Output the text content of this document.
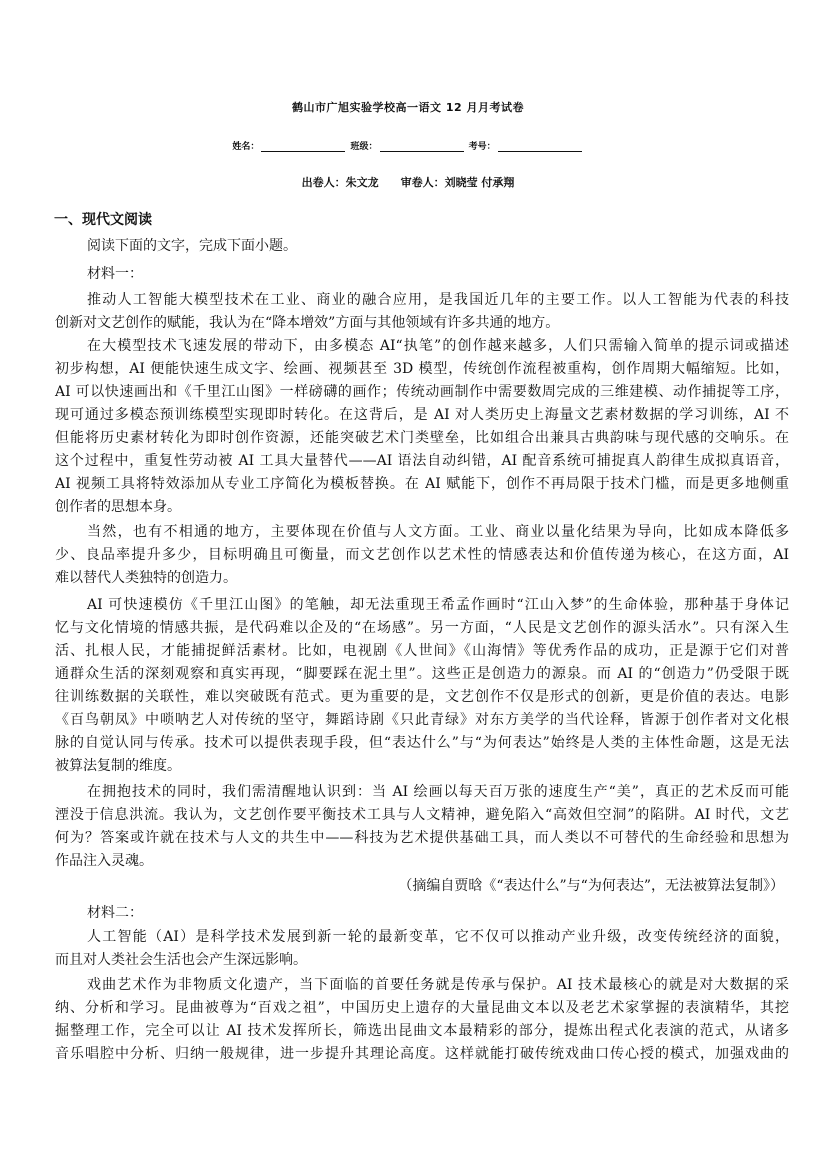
鹤山市广旭实验学校高一语文 12 月月考试卷
姓名：	班级：	考号：
出卷人：朱文龙 审卷人：刘晓莹 付承翔
一、现代文阅读
阅读下面的文字，完成下面小题。
材料一：
推动人工智能大模型技术在工业、商业的融合应用，是我国近几年的主要工作。以人工智能为代表的科技
创新对文艺创作的赋能，我认为在“降本增效”方面与其他领域有许多共通的地方。
在大模型技术飞速发展的带动下，由多模态 AI“执笔”的创作越来越多，人们只需输入简单的提示词或描述
初步构想，AI 便能快速生成文字、绘画、视频甚至 3D 模型，传统创作流程被重构，创作周期大幅缩短。比如，
AI 可以快速画出和《千里江山图》一样磅礴的画作；传统动画制作中需要数周完成的三维建模、动作捕捉等工序，
现可通过多模态预训练模型实现即时转化。在这背后，是 AI 对人类历史上海量文艺素材数据的学习训练，AI 不
但能将历史素材转化为即时创作资源，还能突破艺术门类壁垒，比如组合出兼具古典韵味与现代感的交响乐。在
这个过程中，重复性劳动被 AI 工具大量替代——AI 语法自动纠错，AI 配音系统可捕捉真人韵律生成拟真语音，
AI 视频工具将特效添加从专业工序简化为模板替换。在 AI 赋能下，创作不再局限于技术门槛，而是更多地侧重
创作者的思想本身。
当然，也有不相通的地方，主要体现在价值与人文方面。工业、商业以量化结果为导向，比如成本降低多
少、良品率提升多少，目标明确且可衡量，而文艺创作以艺术性的情感表达和价值传递为核心，在这方面，AI
难以替代人类独特的创造力。
AI 可快速模仿《千里江山图》的笔触，却无法重现王希孟作画时“江山入梦”的生命体验，那种基于身体记
忆与文化情境的情感共振，是代码难以企及的“在场感”。另一方面，“人民是文艺创作的源头活水”。只有深入生
活、扎根人民，才能捕捉鲜活素材。比如，电视剧《人世间》《山海情》等优秀作品的成功，正是源于它们对普
通群众生活的深刻观察和真实再现，“脚要踩在泥土里”。这些正是创造力的源泉。而 AI 的“创造力”仍受限于既
往训练数据的关联性，难以突破既有范式。更为重要的是，文艺创作不仅是形式的创新，更是价值的表达。电影
《百鸟朝凤》中唢呐艺人对传统的坚守，舞蹈诗剧《只此青绿》对东方美学的当代诠释，皆源于创作者对文化根
脉的自觉认同与传承。技术可以提供表现手段，但“表达什么”与“为何表达”始终是人类的主体性命题，这是无法
被算法复制的维度。
在拥抱技术的同时，我们需清醒地认识到：当 AI 绘画以每天百万张的速度生产“美”，真正的艺术反而可能
湮没于信息洪流。我认为，文艺创作要平衡技术工具与人文精神，避免陷入“高效但空洞”的陷阱。AI 时代，文艺
何为？答案或许就在技术与人文的共生中——科技为艺术提供基础工具，而人类以不可替代的生命经验和思想为
作品注入灵魂。
（摘编自贾晗《“表达什么”与“为何表达”，无法被算法复制》）
材料二：
人工智能（AI）是科学技术发展到新一轮的最新变革，它不仅可以推动产业升级，改变传统经济的面貌，
而且对人类社会生活也会产生深远影响。
戏曲艺术作为非物质文化遗产，当下面临的首要任务就是传承与保护。AI 技术最核心的就是对大数据的采
纳、分析和学习。昆曲被尊为“百戏之祖”，中国历史上遗存的大量昆曲文本以及老艺术家掌握的表演精华，其挖
掘整理工作，完全可以让 AI 技术发挥所长，筛选出昆曲文本最精彩的部分，提炼出程式化表演的范式，从诸多
音乐唱腔中分析、归纳一般规律，进一步提升其理论高度。这样就能打破传统戏曲口传心授的模式，加强戏曲的
